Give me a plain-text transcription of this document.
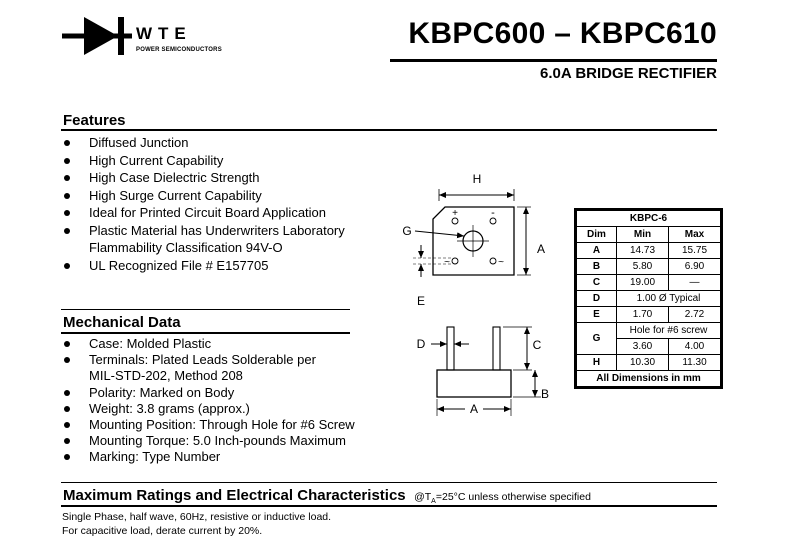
WTE
POWER SEMICONDUCTORS	KBPC600 – KBPC610
6.0A BRIDGE RECTIFIER
Features
Diffused Junction
High Current Capability
High Case Dielectric Strength
High Surge Current Capability
Ideal for Printed Circuit Board Application
Plastic Material has Underwriters Laboratory
Flammability Classification 94V-O
UL Recognized File # E157705
Mechanical Data
Case: Molded Plastic
Terminals: Plated Leads Solderable per
MIL-STD-202, Method 208
Polarity: Marked on Body
Weight: 3.8 grams (approx.)
Mounting Position: Through Hole for #6 Screw
Mounting Torque: 5.0 Inch-pounds Maximum
Marking: Type Number
H
+	-
~	~
G
A
E
D	C
B
A
KBPC-6		
Dim	Min	Max
A	14.73	15.75
B	5.80	6.90
C	19.00	—
D	1.00 Ø Typical	
E	1.70	2.72
G	Hole for #6 screw	
	3.60	4.00
H	10.30	11.30
All Dimensions in mm		
Maximum Ratings and Electrical Characteristics $@T_A=25^\circ C$ unless otherwise specified
Single Phase, half wave, 60Hz, resistive or inductive load.
For capacitive load, derate current by 20%.
